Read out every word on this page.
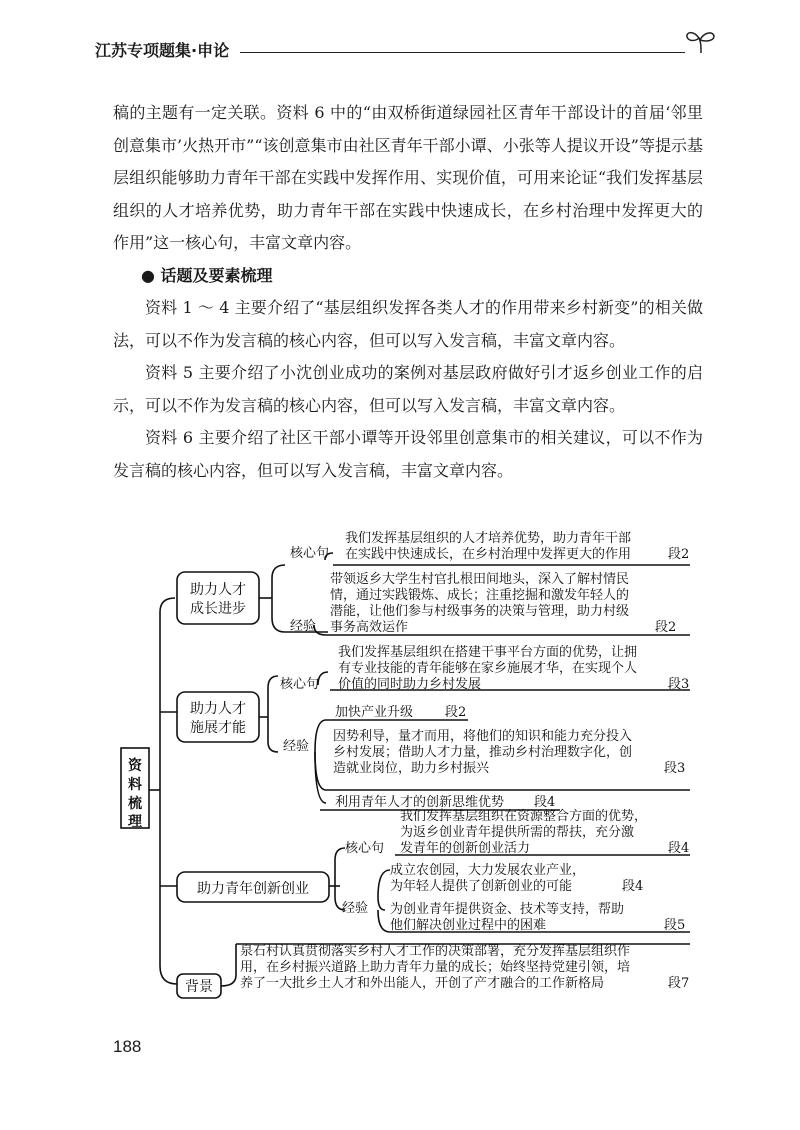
江苏专项题集·申论

稿的主题有一定关联。资料 6 中的“由双桥街道绿园社区青年干部设计的首届‘邻里创意集市’火热开市”“该创意集市由社区青年干部小谭、小张等人提议开设”等提示基层组织能够助力青年干部在实践中发挥作用、实现价值，可用来论证“我们发挥基层组织的人才培养优势，助力青年干部在实践中快速成长，在乡村治理中发挥更大的作用”这一核心句，丰富文章内容。

● 话题及要素梳理

资料 1 ～ 4 主要介绍了“基层组织发挥各类人才的作用带来乡村新变”的相关做法，可以不作为发言稿的核心内容，但可以写入发言稿，丰富文章内容。

资料 5 主要介绍了小沈创业成功的案例对基层政府做好引才返乡创业工作的启示，可以不作为发言稿的核心内容，但可以写入发言稿，丰富文章内容。

资料 6 主要介绍了社区干部小谭等开设邻里创意集市的相关建议，可以不作为发言稿的核心内容，但可以写入发言稿，丰富文章内容。

资
料
梳
理
助力人才
成长进步
核心句
我们发挥基层组织的人才培养优势，助力青年干部
在实践中快速成长，在乡村治理中发挥更大的作用	段2
带领返乡大学生村官扎根田间地头，深入了解村情民
情，通过实践锻炼、成长；注重挖掘和激发年轻人的
潜能，让他们参与村级事务的决策与管理，助力村级
事务高效运作
经验	段2
助力人才
施展才能
核心句
我们发挥基层组织在搭建干事平台方面的优势，让拥
有专业技能的青年能够在家乡施展才华，在实现个人
价值的同时助力乡村发展	段3
经验
加快产业升级 段2
因势利导，量才而用，将他们的知识和能力充分投入
乡村发展；借助人才力量，推动乡村治理数字化，创
造就业岗位，助力乡村振兴	段3
利用青年人才的创新思维优势 段4
助力青年创新创业
核心句
我们发挥基层组织在资源整合方面的优势，
为返乡创业青年提供所需的帮扶，充分激
发青年的创新创业活力	段4
经验
成立农创园，大力发展农业产业，
为年轻人提供了创新创业的可能	段4
为创业青年提供资金、技术等支持，帮助
他们解决创业过程中的困难	段5
背景
泉石村认真贯彻落实乡村人才工作的决策部署，充分发挥基层组织作
用，在乡村振兴道路上助力青年力量的成长；始终坚持党建引领，培
养了一大批乡土人才和外出能人，开创了产才融合的工作新格局	段7
188
